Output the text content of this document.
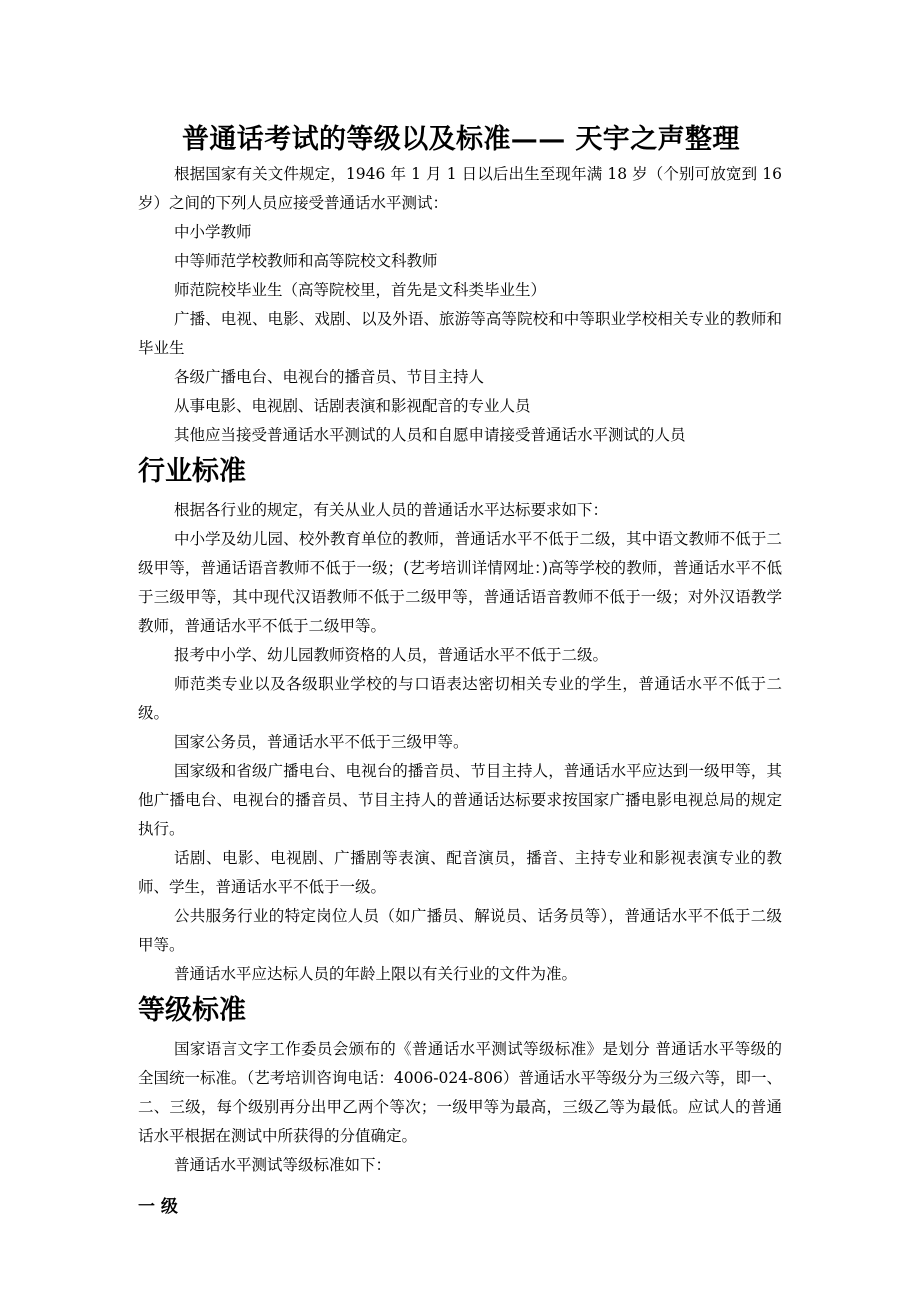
普通话考试的等级以及标准—— 天宇之声整理

根据国家有关文件规定，1946 年 1 月 1 日以后出生至现年满 18 岁（个别可放宽到 16 岁）之间的下列人员应接受普通话水平测试：

中小学教师

中等师范学校教师和高等院校文科教师

师范院校毕业生（高等院校里，首先是文科类毕业生）

广播、电视、电影、戏剧、以及外语、旅游等高等院校和中等职业学校相关专业的教师和毕业生

各级广播电台、电视台的播音员、节目主持人

从事电影、电视剧、话剧表演和影视配音的专业人员

其他应当接受普通话水平测试的人员和自愿申请接受普通话水平测试的人员

行业标准

根据各行业的规定，有关从业人员的普通话水平达标要求如下：

中小学及幼儿园、校外教育单位的教师，普通话水平不低于二级，其中语文教师不低于二级甲等，普通话语音教师不低于一级；(艺考培训详情网址：)高等学校的教师，普通话水平不低于三级甲等，其中现代汉语教师不低于二级甲等，普通话语音教师不低于一级；对外汉语教学教师，普通话水平不低于二级甲等。

报考中小学、幼儿园教师资格的人员，普通话水平不低于二级。

师范类专业以及各级职业学校的与口语表达密切相关专业的学生，普通话水平不低于二级。

国家公务员，普通话水平不低于三级甲等。

国家级和省级广播电台、电视台的播音员、节目主持人，普通话水平应达到一级甲等，其他广播电台、电视台的播音员、节目主持人的普通话达标要求按国家广播电影电视总局的规定执行。

话剧、电影、电视剧、广播剧等表演、配音演员，播音、主持专业和影视表演专业的教师、学生，普通话水平不低于一级。

公共服务行业的特定岗位人员（如广播员、解说员、话务员等），普通话水平不低于二级甲等。

普通话水平应达标人员的年龄上限以有关行业的文件为准。

等级标准

国家语言文字工作委员会颁布的《普通话水平测试等级标准》是划分 普通话水平等级的全国统一标准。（艺考培训咨询电话：4006-024-806）普通话水平等级分为三级六等，即一、二、三级，每个级别再分出甲乙两个等次；一级甲等为最高，三级乙等为最低。应试人的普通话水平根据在测试中所获得的分值确定。

普通话水平测试等级标准如下：

一 级
